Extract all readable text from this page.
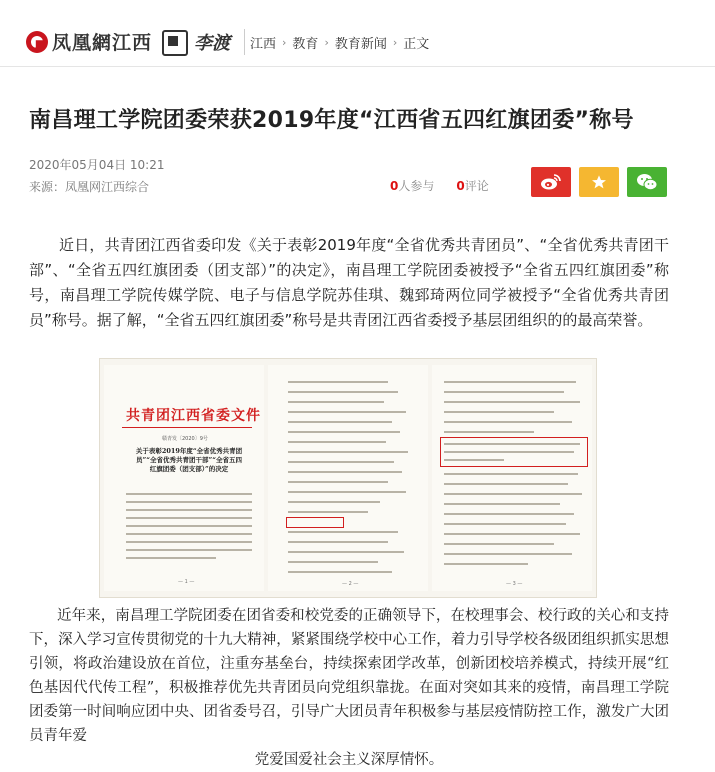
凤凰網江西 李渡 江西 › 教育 › 教育新闻 › 正文
南昌理工学院团委荣获2019年度“江西省五四红旗团委”称号
2020年05月04日 10:21
来源：凤凰网江西综合	0人参与 0评论

近日，共青团江西省委印发《关于表彰2019年度“全省优秀共青团员”、“全省优秀共青团干部”、“全省五四红旗团委（团支部）”的决定》，南昌理工学院团委被授予“全省五四红旗团委”称号，南昌理工学院传媒学院、电子与信息学院苏佳琪、魏郅琦两位同学被授予“全省优秀共青团员”称号。据了解，“全省五四红旗团委”称号是共青团江西省委授予基层团组织的的最高荣誉。

共青团江西省委文件
赣青发〔2020〕9号
关于表彰2019年度“全省优秀共青团员”“全省优秀共青团干部”“全省五四红旗团委（团支部）”的决定
— 1 —	— 2 —	— 3 —

近年来，南昌理工学院团委在团省委和校党委的正确领导下，在校理事会、校行政的关心和支持下，深入学习宣传贯彻党的十九大精神，紧紧围绕学校中心工作，着力引导学校各级团组织抓实思想引领，将政治建设放在首位，注重夯基垒台，持续探索团学改革，创新团校培养模式，持续开展“红色基因代代传工程”，积极推荐优先共青团员向党组织靠拢。在面对突如其来的疫情，南昌理工学院团委第一时间响应团中央、团省委号召，引导广大团员青年积极参与基层疫情防控工作，激发广大团员青年爱
党爱国爱社会主义深厚情怀。
